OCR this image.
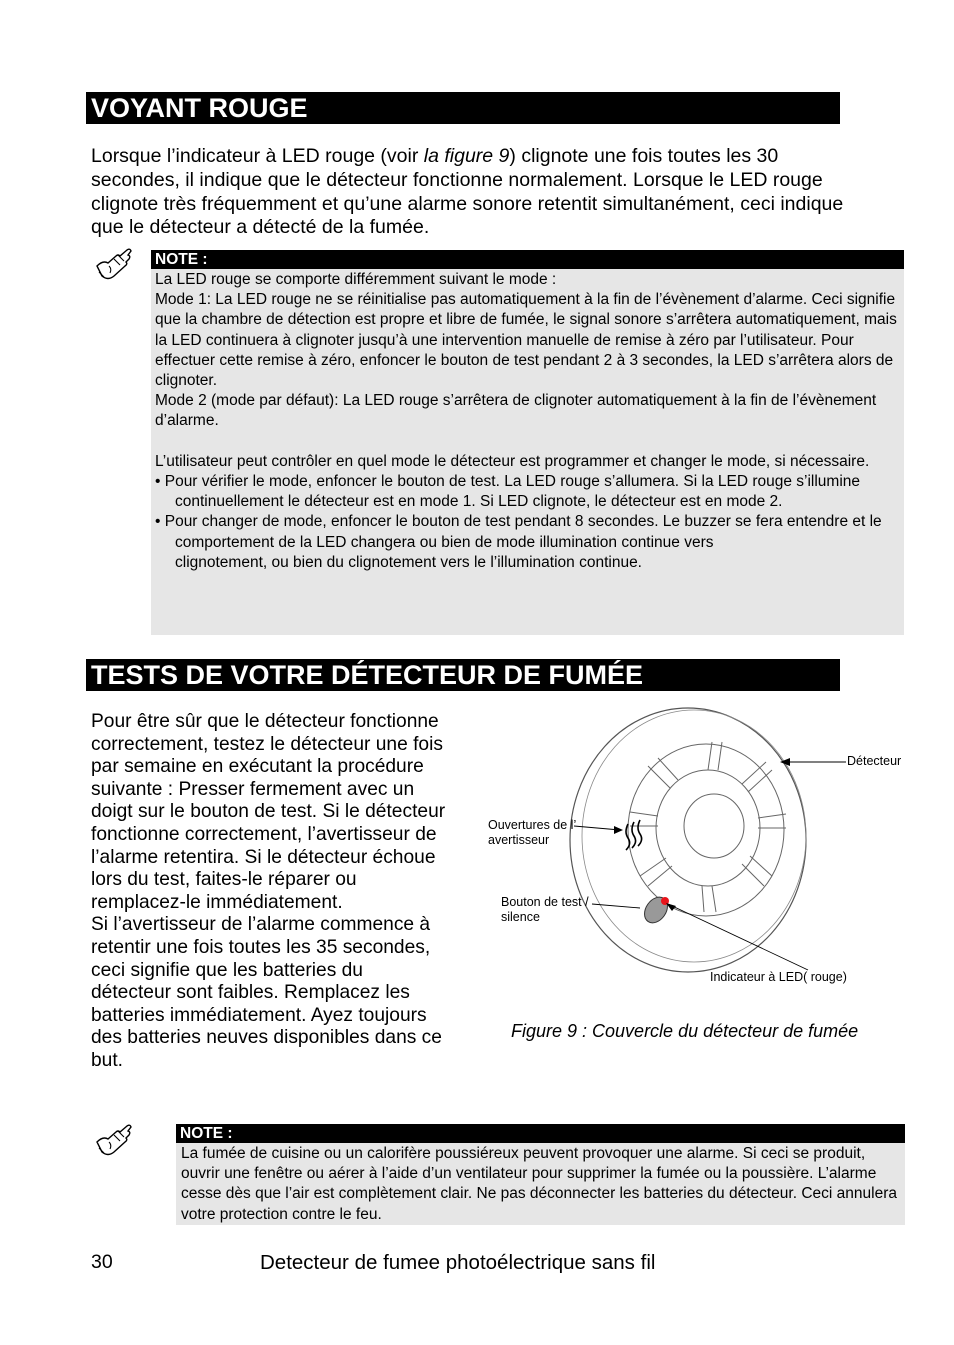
VOYANT ROUGE

Lorsque l’indicateur à LED rouge (voir la figure 9) clignote une fois toutes les 30 secondes, il indique que le détecteur fonctionne normalement. Lorsque le LED rouge clignote très fréquemment et qu’une alarme sonore retentit simultanément, ceci indique que le détecteur a détecté de la fumée.

NOTE :

La LED rouge se comporte différemment suivant le mode :

Mode 1: La LED rouge ne se réinitialise pas automatiquement à la fin de l’évènement d’alarme. Ceci signifie que la chambre de détection est propre et libre de fumée, le signal sonore s’arrêtera automatiquement, mais la LED continuera à clignoter jusqu’à une intervention manuelle de remise à zéro par l’utilisateur. Pour effectuer cette remise à zéro, enfoncer le bouton de test pendant 2 à 3 secondes, la LED s’arrêtera alors de clignoter.

Mode 2 (mode par défaut): La LED rouge s’arrêtera de clignoter automatiquement à la fin de l’évènement d’alarme.

L’utilisateur peut contrôler en quel mode le détecteur est programmer et changer le mode, si nécessaire.

• Pour vérifier le mode, enfoncer le bouton de test. La LED rouge s’allumera. Si la LED rouge s’illumine continuellement le détecteur est en mode 1. Si LED clignote, le détecteur est en mode 2.

• Pour changer de mode, enfoncer le bouton de test pendant 8 secondes. Le buzzer se fera entendre et le comportement de la LED changera ou bien de mode illumination continue vers

clignotement, ou bien du clignotement vers le l’illumination continue.

TESTS DE VOTRE DÉTECTEUR DE FUMÉE

Pour être sûr que le détecteur fonctionne correctement, testez le détecteur une fois par semaine en exécutant la procédure suivante : Presser fermement avec un doigt sur le bouton de test. Si le détecteur fonctionne correctement, l’avertisseur de l’alarme retentira. Si le détecteur échoue lors du test, faites-le réparer ou remplacez-le immédiatement.

Si l’avertisseur de l’alarme commence à retentir une fois toutes les 35 secondes, ceci signifie que les batteries du détecteur sont faibles. Remplacez les batteries immédiatement. Ayez toujours des batteries neuves disponibles dans ce but.

Détecteur
Ouvertures de l’
avertisseur
Bouton de test /
silence
Indicateur à LED( rouge)
Figure 9 : Couvercle du détecteur de fumée
NOTE :

La fumée de cuisine ou un calorifère poussiéreux peuvent provoquer une alarme. Si ceci se produit, ouvrir une fenêtre ou aérer à l’aide d’un ventilateur pour supprimer la fumée ou la poussière. L’alarme cesse dès que l’air est complètement clair. Ne pas déconnecter les batteries du détecteur. Ceci annulera votre protection contre le feu.

30	Detecteur de fumee photoélectrique sans fil
